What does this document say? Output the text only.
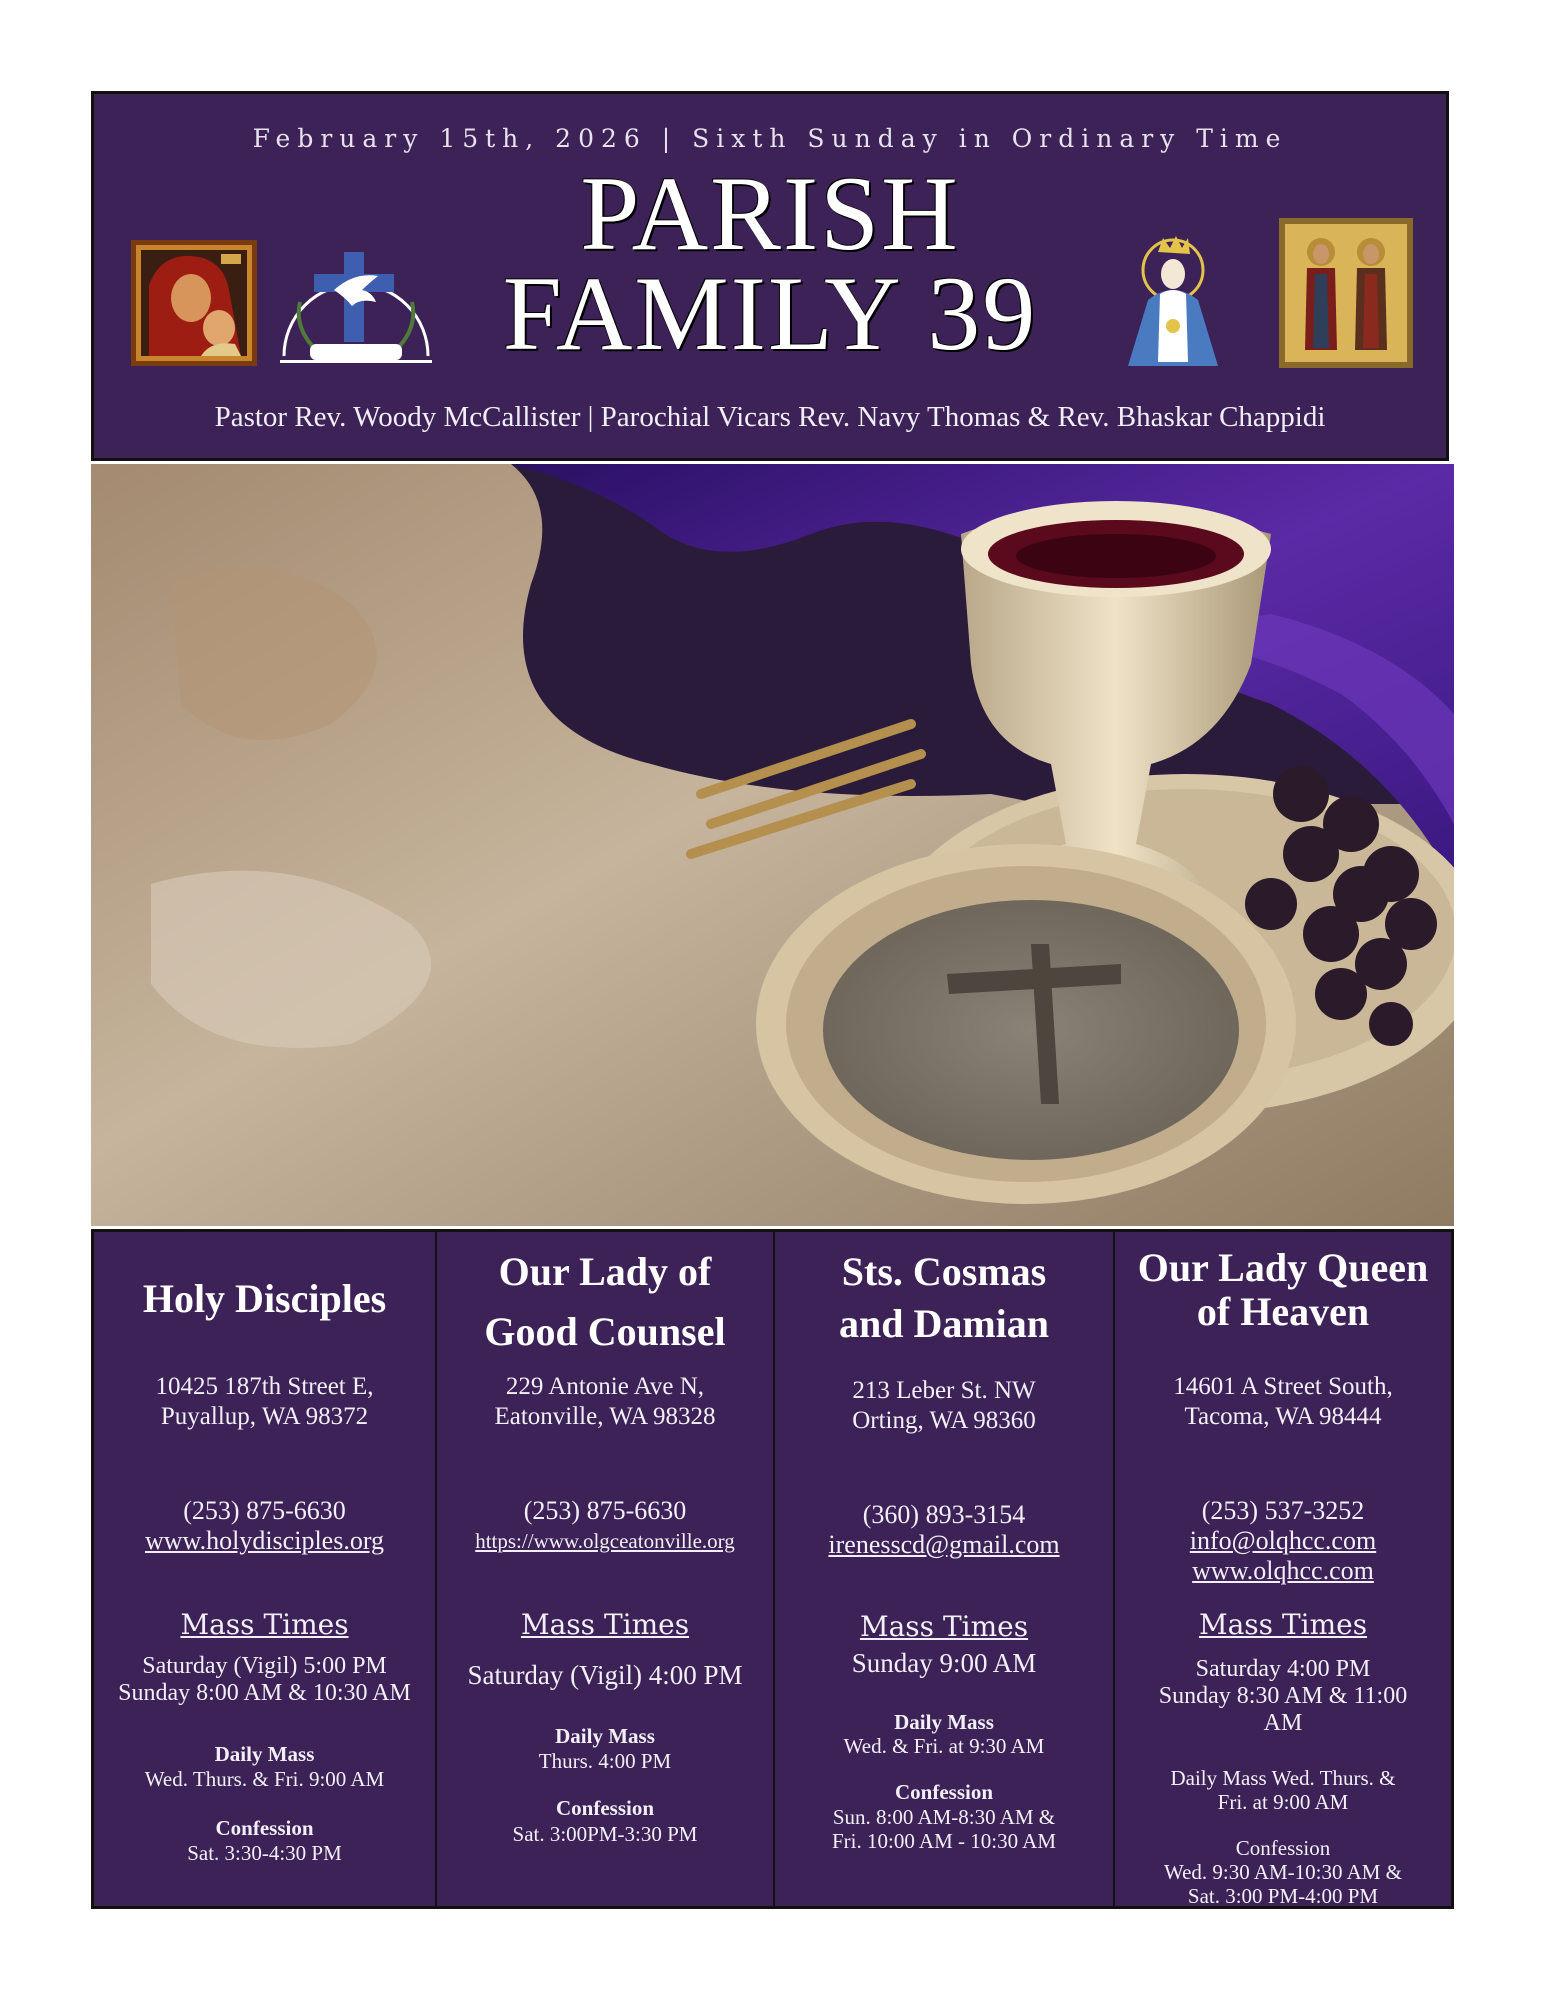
February 15th, 2026 | Sixth Sunday in Ordinary Time
PARISH
FAMILY 39
Pastor Rev. Woody McCallister | Parochial Vicars Rev. Navy Thomas & Rev. Bhaskar Chappidi
Holy Disciples
10425 187th Street E,
Puyallup, WA 98372
(253) 875-6630
www.holydisciples.org
Mass Times
Saturday (Vigil) 5:00 PM
Sunday 8:00 AM & 10:30 AM
Daily Mass
Wed. Thurs. & Fri. 9:00 AM
Confession
Sat. 3:30-4:30 PM
Our Lady of
Good Counsel
229 Antonie Ave N,
Eatonville, WA 98328
(253) 875-6630
https://www.olgceatonville.org
Mass Times
Saturday (Vigil) 4:00 PM
Daily Mass
Thurs. 4:00 PM
Confession
Sat. 3:00PM-3:30 PM
Sts. Cosmas
and Damian
213 Leber St. NW
Orting, WA 98360
(360) 893-3154
irenesscd@gmail.com
Mass Times
Sunday 9:00 AM
Daily Mass
Wed. & Fri. at 9:30 AM
Confession
Sun. 8:00 AM-8:30 AM &
Fri. 10:00 AM - 10:30 AM
Our Lady Queen
of Heaven
14601 A Street South,
Tacoma, WA 98444
(253) 537-3252
info@olqhcc.com
www.olqhcc.com
Mass Times
Saturday 4:00 PM
Sunday 8:30 AM & 11:00
AM
Daily Mass Wed. Thurs. &
Fri. at 9:00 AM
Confession
Wed. 9:30 AM-10:30 AM &
Sat. 3:00 PM-4:00 PM
